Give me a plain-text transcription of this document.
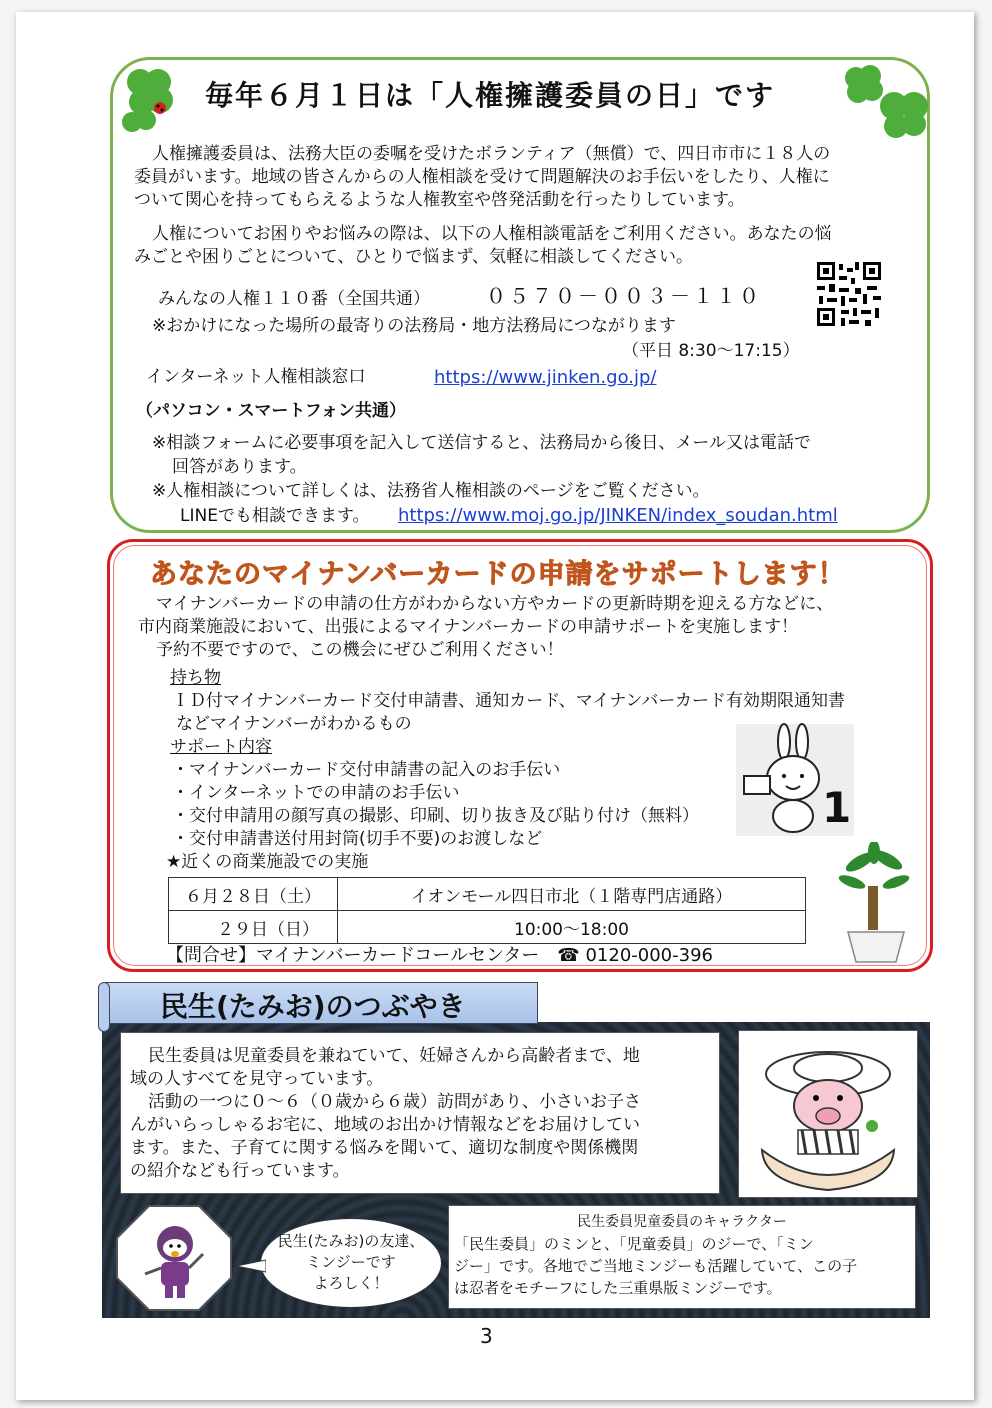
毎年６月１日は「人権擁護委員の日」です
人権擁護委員は、法務大臣の委嘱を受けたボランティア（無償）で、四日市市に１８人の
委員がいます。地域の皆さんからの人権相談を受けて問題解決のお手伝いをしたり、人権に
ついて関心を持ってもらえるような人権教室や啓発活動を行ったりしています。
人権についてお困りやお悩みの際は、以下の人権相談電話をご利用ください。あなたの悩
みごとや困りごとについて、ひとりで悩まず、気軽に相談してください。
みんなの人権１１０番（全国共通）	０５７０－００３－１１０
※おかけになった場所の最寄りの法務局・地方法務局につながります
（平日 8:30～17:15）
インターネット人権相談窓口	https://www.jinken.go.jp/
（パソコン・スマートフォン共通）
※相談フォームに必要事項を記入して送信すると、法務局から後日、メール又は電話で
回答があります。
※人権相談について詳しくは、法務省人権相談のページをご覧ください。
LINEでも相談できます。 https://www.moj.go.jp/JINKEN/index_soudan.html
あなたのマイナンバーカードの申請をサポートします！
マイナンバーカードの申請の仕方がわからない方やカードの更新時期を迎える方などに、
市内商業施設において、出張によるマイナンバーカードの申請サポートを実施します！
予約不要ですので、この機会にぜひご利用ください！
持ち物
ＩＤ付マイナンバーカード交付申請書、通知カード、マイナンバーカード有効期限通知書
などマイナンバーがわかるもの
サポート内容
・マイナンバーカード交付申請書の記入のお手伝い
・インターネットでの申請のお手伝い
・交付申請用の顔写真の撮影、印刷、切り抜き及び貼り付け（無料）
・交付申請書送付用封筒(切手不要)のお渡しなど
★近くの商業施設での実施
1
６月２８日（土）	イオンモール四日市北（１階専門店通路）
２９日（日）	10:00～18:00
【問合せ】マイナンバーカードコールセンター　☎ 0120-000-396
民生(たみお)のつぶやき
民生委員は児童委員を兼ねていて、妊婦さんから高齢者まで、地
域の人すべてを見守っています。
活動の一つに０～６（０歳から６歳）訪問があり、小さいお子さ
んがいらっしゃるお宅に、地域のお出かけ情報などをお届けしてい
ます。また、子育てに関する悩みを聞いて、適切な制度や関係機関
の紹介なども行っています。
民生(たみお)の友達、
ミンジーです
よろしく！
民生委員児童委員のキャラクター
「民生委員」のミンと、「児童委員」のジーで、「ミン
ジー」です。各地でご当地ミンジーも活躍していて、この子
は忍者をモチーフにした三重県版ミンジーです。
3
